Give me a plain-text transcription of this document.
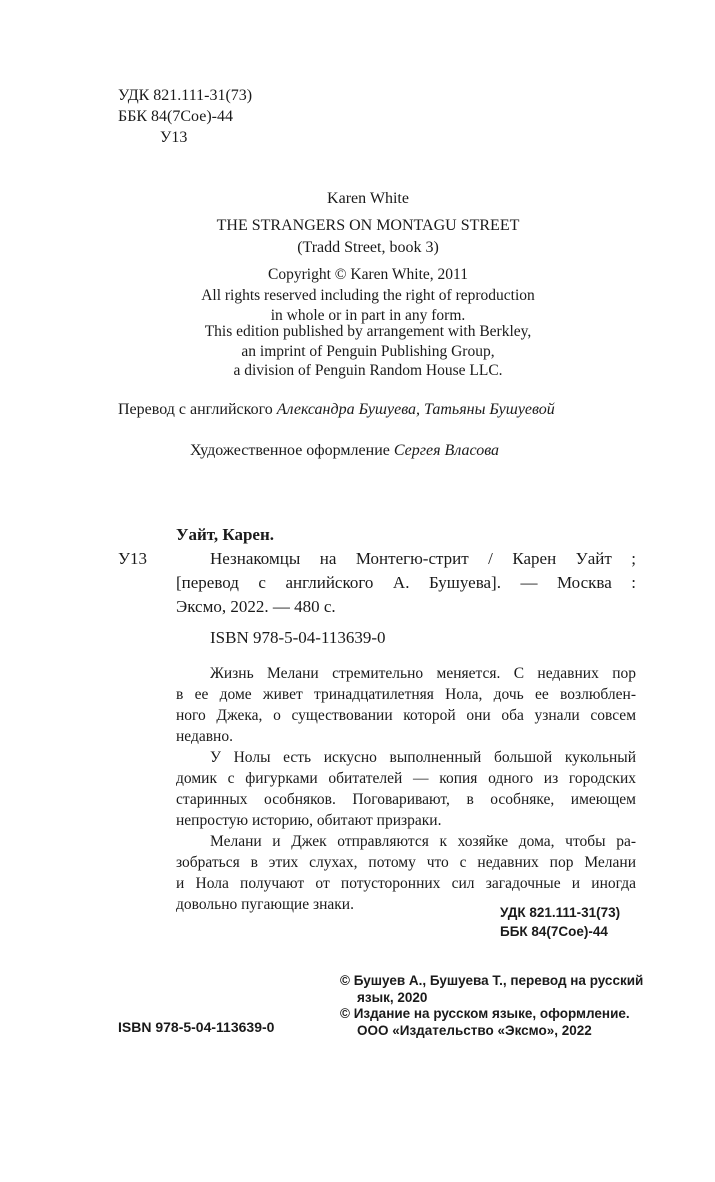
УДК 821.111-31(73)
ББК 84(7Сое)-44
У13
Karen White
THE STRANGERS ON MONTAGU STREET
(Tradd Street, book 3)
Copyright © Karen White, 2011
All rights reserved including the right of reproduction
in whole or in part in any form.
This edition published by arrangement with Berkley,
an imprint of Penguin Publishing Group,
a division of Penguin Random House LLC.
Перевод с английского Александра Бушуева, Татьяны Бушуевой
Художественное оформление Сергея Власова
Уайт, Карен.
У13	Незнакомцы на Монтегю-стрит / Карен Уайт ;
[перевод с английского А. Бушуева]. — Москва :
Эксмо, 2022. — 480 с.
ISBN 978-5-04-113639-0
Жизнь Мелани стремительно меняется. С недавних пор
в ее доме живет тринадцатилетняя Нола, дочь ее возлюблен-
ного Джека, о существовании которой они оба узнали совсем
недавно.
У Нолы есть искусно выполненный большой кукольный
домик с фигурками обитателей — копия одного из городских
старинных особняков. Поговаривают, в особняке, имеющем
непростую историю, обитают призраки.
Мелани и Джек отправляются к хозяйке дома, чтобы ра-
зобраться в этих слухах, потому что с недавних пор Мелани
и Нола получают от потусторонних сил загадочные и иногда
довольно пугающие знаки.	УДК 821.111-31(73)
ББК 84(7Сое)-44
ISBN 978-5-04-113639-0
© Бушуев А., Бушуева Т., перевод на русский
язык, 2020
© Издание на русском языке, оформление.
ООО «Издательство «Эксмо», 2022
